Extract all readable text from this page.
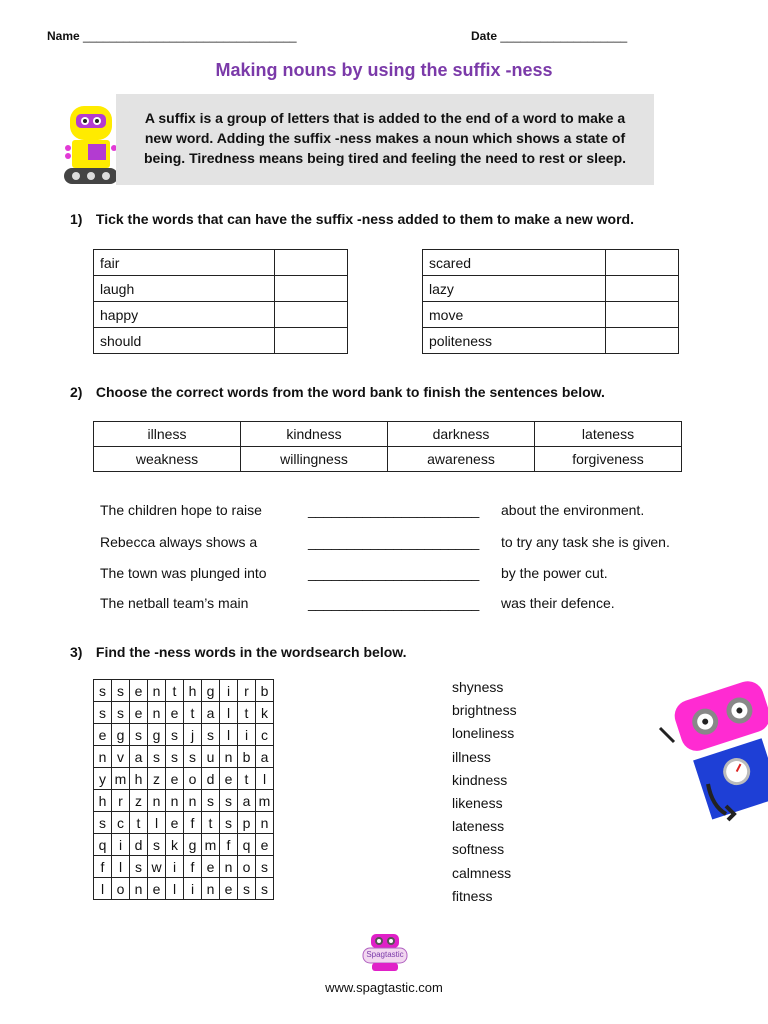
Name ________________________________	Date ___________________
Making nouns by using the suffix -ness
A suffix is a group of letters that is added to the end of a word to make a
new word. Adding the suffix -ness makes a noun which shows a state of
being. Tiredness means being tired and feeling the need to rest or sleep.
1) Tick the words that can have the suffix -ness added to them to make a new word.
fair	
laugh	
happy	
should	
scared	
lazy	
move	
politeness	
2) Choose the correct words from the word bank to finish the sentences below.
illness	kindness	darkness	lateness
weakness	willingness	awareness	forgiveness
The children hope to raise	______________________ about the environment.
Rebecca always shows a	______________________ to try any task she is given.
The town was plunged into	______________________ by the power cut.
The netball team’s main	______________________ was their defence.
3) Find the -ness words in the wordsearch below.
s	s	e	n	t	h	g	i	r	b
s	s	e	n	e	t	a	l	t	k
e	g	s	g	s	j	s	l	i	c
n	v	a	s	s	s	u	n	b	a
y	m	h	z	e	o	d	e	t	l
h	r	z	n	n	n	s	s	a	m
s	c	t	l	e	f	t	s	p	n
q	i	d	s	k	g	m	f	q	e
f	l	s	w	i	f	e	n	o	s
l	o	n	e	l	i	n	e	s	s
shyness
brightness
loneliness
illness
kindness
likeness
lateness
softness
calmness
fitness
Spagtastic
www.spagtastic.com
